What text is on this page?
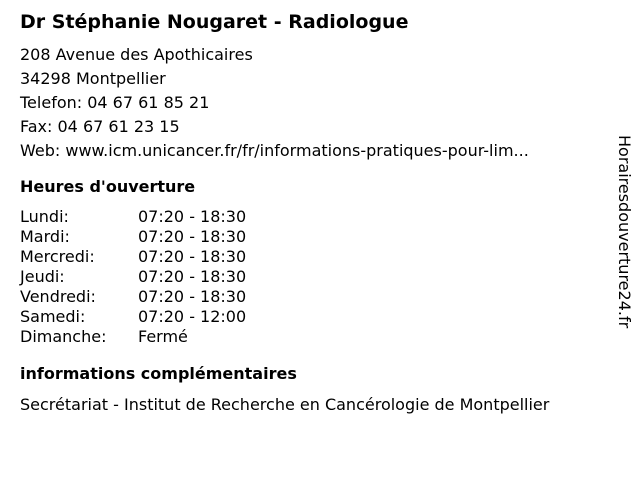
Dr Stéphanie Nougaret - Radiologue
208 Avenue des Apothicaires
34298 Montpellier
Telefon: 04 67 61 85 21
Fax: 04 67 61 23 15
Web: www.icm.unicancer.fr/fr/informations-pratiques-pour-lim...
Heures d'ouverture
Lundi:	07:20 - 18:30
Mardi:	07:20 - 18:30
Mercredi:	07:20 - 18:30
Jeudi:	07:20 - 18:30
Vendredi:	07:20 - 18:30
Samedi:	07:20 - 12:00
Dimanche:	Fermé
informations complémentaires
Secrétariat - Institut de Recherche en Cancérologie de Montpellier
Horairesdouverture24.fr
